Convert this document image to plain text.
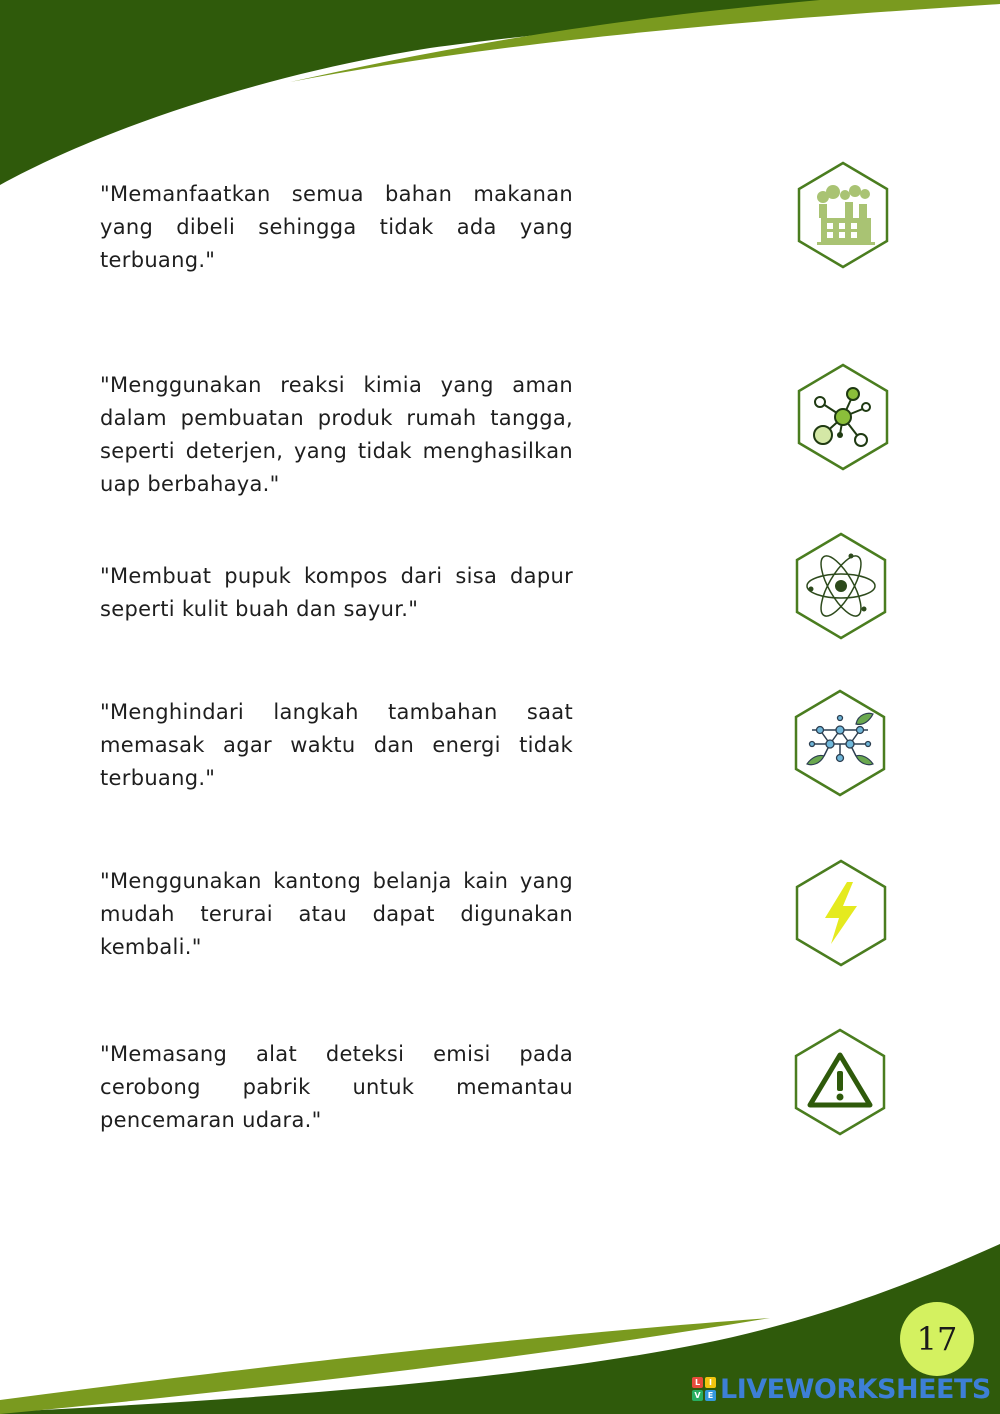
"Memanfaatkan semua bahan makanan yang dibeli sehingga tidak ada yang terbuang."

"Menggunakan reaksi kimia yang aman dalam pembuatan produk rumah tangga, seperti deterjen, yang tidak menghasilkan uap berbahaya."

"Membuat pupuk kompos dari sisa dapur seperti kulit buah dan sayur."

"Menghindari langkah tambahan saat memasak agar waktu dan energi tidak terbuang."

"Menggunakan kantong belanja kain yang mudah terurai atau dapat digunakan kembali."

"Memasang alat deteksi emisi pada cerobong pabrik untuk memantau pencemaran udara."

17
L	I
V E LIVEWORKSHEETS
